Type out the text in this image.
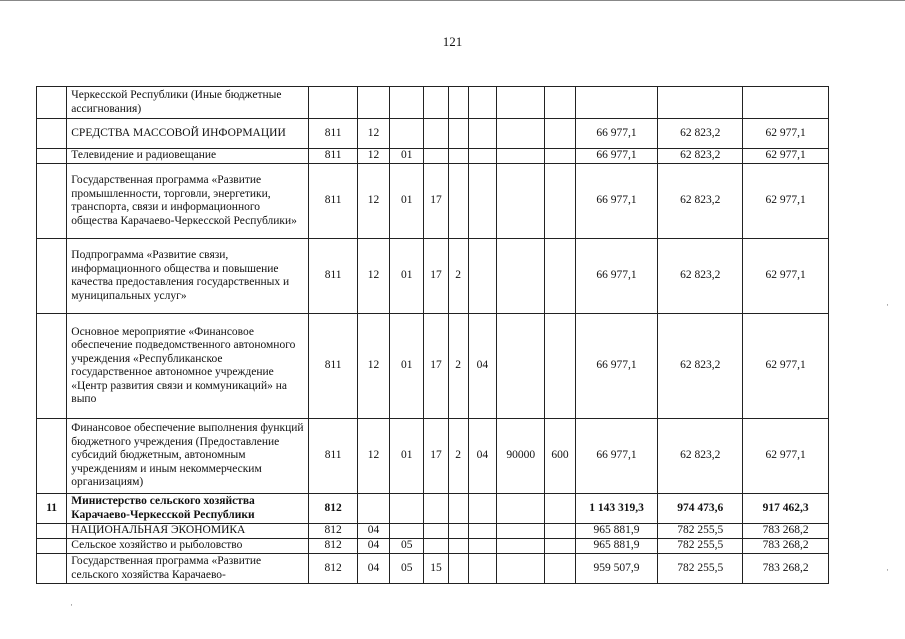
121
	Черкесской Республики (Иные бюджетные ассигнования)											
	СРЕДСТВА МАССОВОЙ ИНФОРМАЦИИ	811	12							66 977,1	62 823,2	62 977,1
	Телевидение и радиовещание	811	12	01						66 977,1	62 823,2	62 977,1
	Государственная программа «Развитие промышленности, торговли, энергетики, транспорта, связи и информационного общества Карачаево-Черкесской Республики»	811	12	01	17					66 977,1	62 823,2	62 977,1
	Подпрограмма «Развитие связи, информационного общества и повышение качества предоставления государственных и муниципальных услуг»	811	12	01	17	2				66 977,1	62 823,2	62 977,1
	Основное мероприятие «Финансовое обеспечение подведомственного автономного учреждения «Республиканское государственное автономное учреждение «Центр развития связи и коммуникаций» на выпо	811	12	01	17	2	04			66 977,1	62 823,2	62 977,1
	Финансовое обеспечение выполнения функций бюджетного учреждения (Предоставление субсидий бюджетным, автономным учреждениям и иным некоммерческим организациям)	811	12	01	17	2	04	90000	600	66 977,1	62 823,2	62 977,1
11	Министерство сельского хозяйства Карачаево-Черкесской Республики	812								1 143 319,3	974 473,6	917 462,3
	НАЦИОНАЛЬНАЯ ЭКОНОМИКА	812	04							965 881,9	782 255,5	783 268,2
	Сельское хозяйство и рыболовство	812	04	05						965 881,9	782 255,5	783 268,2
	Государственная программа «Развитие сельского хозяйства Карачаево-	812	04	05	15					959 507,9	782 255,5	783 268,2
·
·
·
